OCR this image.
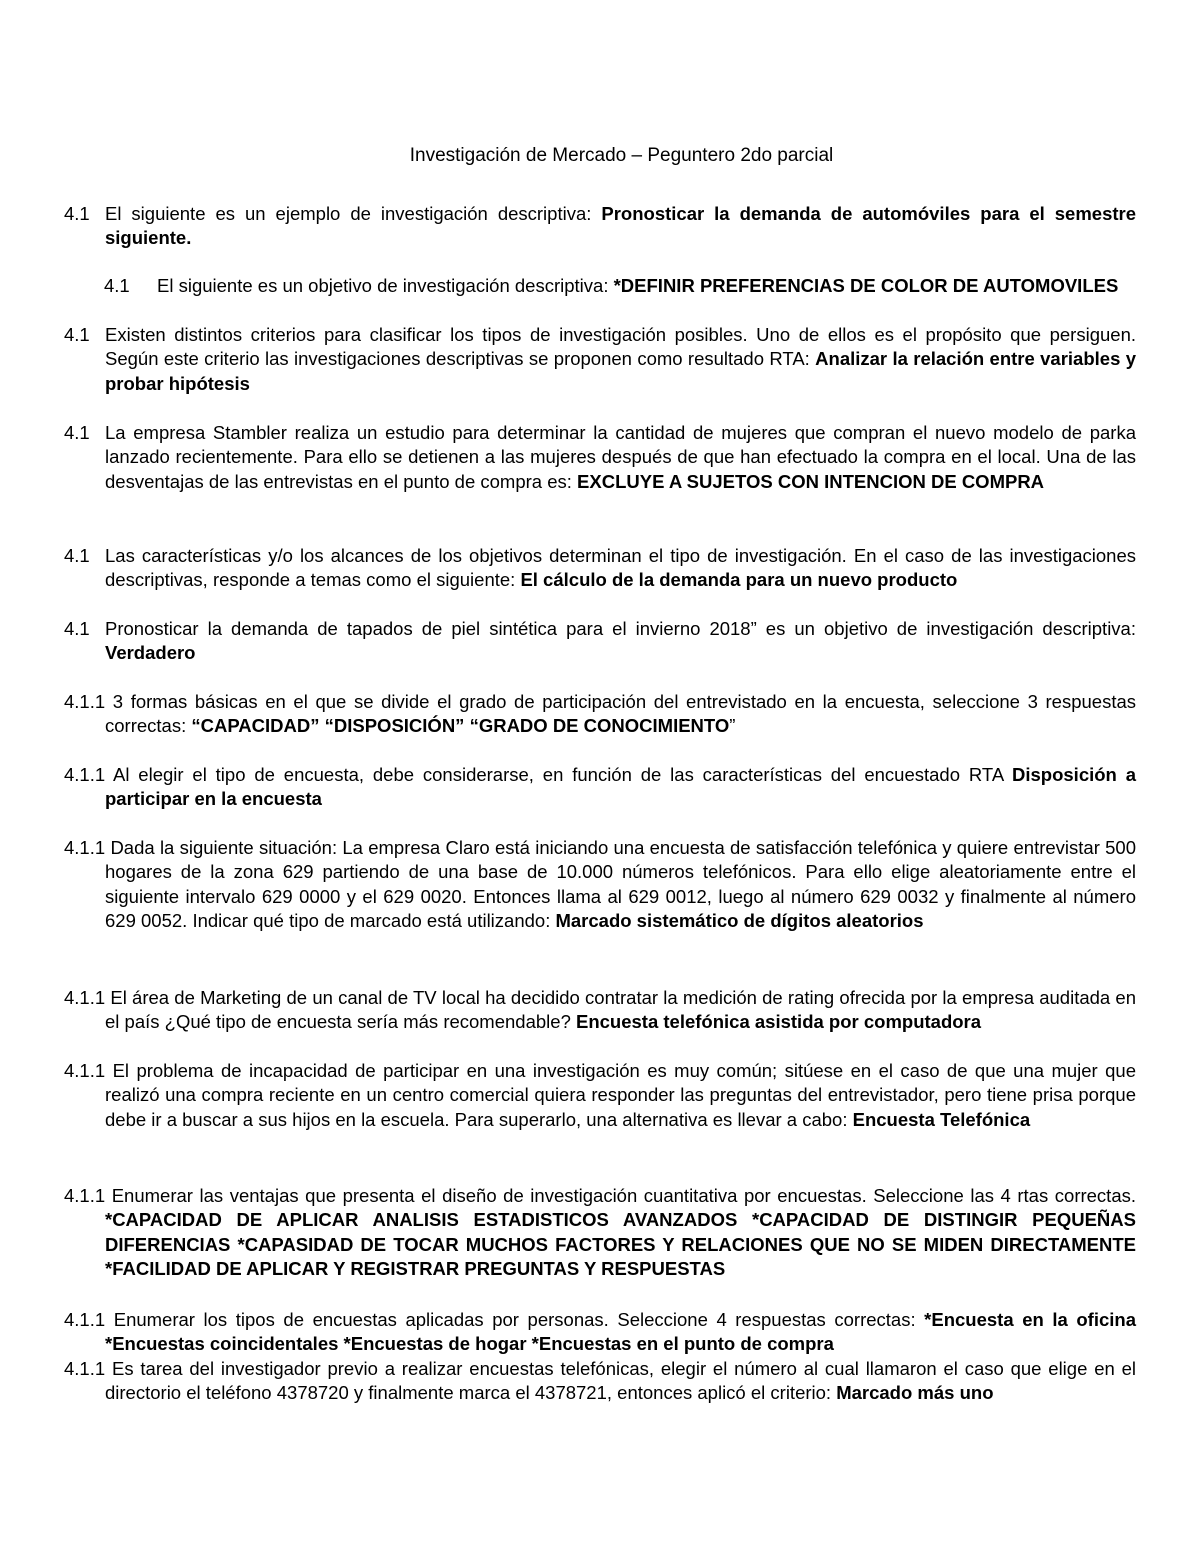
Investigación de Mercado – Peguntero 2do parcial
4.1 El siguiente es un ejemplo de investigación descriptiva: Pronosticar la demanda de automóviles para el semestre siguiente.
4.1	El siguiente es un objetivo de investigación descriptiva: *DEFINIR PREFERENCIAS DE COLOR DE AUTOMOVILES
4.1 Existen distintos criterios para clasificar los tipos de investigación posibles. Uno de ellos es el propósito que persiguen. Según este criterio las investigaciones descriptivas se proponen como resultado RTA: Analizar la relación entre variables y probar hipótesis
4.1 La empresa Stambler realiza un estudio para determinar la cantidad de mujeres que compran el nuevo modelo de parka lanzado recientemente. Para ello se detienen a las mujeres después de que han efectuado la compra en el local. Una de las desventajas de las entrevistas en el punto de compra es: EXCLUYE A SUJETOS CON INTENCION DE COMPRA
4.1 Las características y/o los alcances de los objetivos determinan el tipo de investigación. En el caso de las investigaciones descriptivas, responde a temas como el siguiente: El cálculo de la demanda para un nuevo producto
4.1 Pronosticar la demanda de tapados de piel sintética para el invierno 2018” es un objetivo de investigación descriptiva: Verdadero
4.1.1 3 formas básicas en el que se divide el grado de participación del entrevistado en la encuesta, seleccione 3 respuestas correctas: “CAPACIDAD” “DISPOSICIÓN” “GRADO DE CONOCIMIENTO”
4.1.1 Al elegir el tipo de encuesta, debe considerarse, en función de las características del encuestado RTA Disposición a participar en la encuesta
4.1.1 Dada la siguiente situación: La empresa Claro está iniciando una encuesta de satisfacción telefónica y quiere entrevistar 500 hogares de la zona 629 partiendo de una base de 10.000 números telefónicos. Para ello elige aleatoriamente entre el siguiente intervalo 629 0000 y el 629 0020. Entonces llama al 629 0012, luego al número 629 0032 y finalmente al número 629 0052. Indicar qué tipo de marcado está utilizando: Marcado sistemático de dígitos aleatorios
4.1.1 El área de Marketing de un canal de TV local ha decidido contratar la medición de rating ofrecida por la empresa auditada en el país ¿Qué tipo de encuesta sería más recomendable? Encuesta telefónica asistida por computadora
4.1.1 El problema de incapacidad de participar en una investigación es muy común; sitúese en el caso de que una mujer que realizó una compra reciente en un centro comercial quiera responder las preguntas del entrevistador, pero tiene prisa porque debe ir a buscar a sus hijos en la escuela. Para superarlo, una alternativa es llevar a cabo: Encuesta Telefónica
4.1.1 Enumerar las ventajas que presenta el diseño de investigación cuantitativa por encuestas. Seleccione las 4 rtas correctas. *CAPACIDAD DE APLICAR ANALISIS ESTADISTICOS AVANZADOS *CAPACIDAD DE DISTINGIR PEQUEÑAS DIFERENCIAS *CAPASIDAD DE TOCAR MUCHOS FACTORES Y RELACIONES QUE NO SE MIDEN DIRECTAMENTE *FACILIDAD DE APLICAR Y REGISTRAR PREGUNTAS Y RESPUESTAS
4.1.1 Enumerar los tipos de encuestas aplicadas por personas. Seleccione 4 respuestas correctas: *Encuesta en la oficina *Encuestas coincidentales *Encuestas de hogar *Encuestas en el punto de compra
4.1.1 Es tarea del investigador previo a realizar encuestas telefónicas, elegir el número al cual llamaron el caso que elige en el directorio el teléfono 4378720 y finalmente marca el 4378721, entonces aplicó el criterio: Marcado más uno
